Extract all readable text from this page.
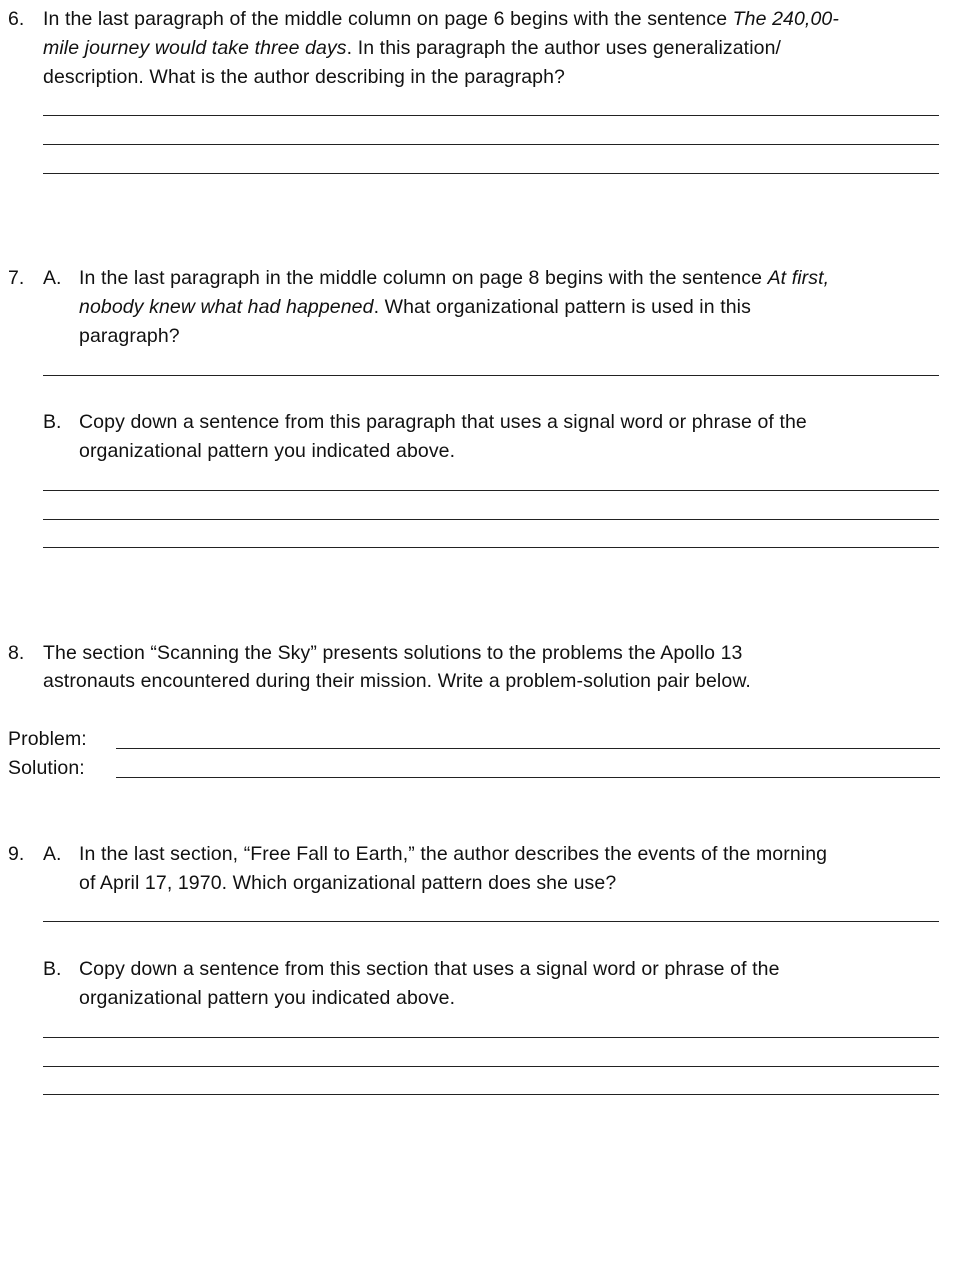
6. In the last paragraph of the middle column on page 6 begins with the sentence The 240,00-
mile journey would take three days. In this paragraph the author uses generalization/
description. What is the author describing in the paragraph?
7. A. In the last paragraph in the middle column on page 8 begins with the sentence At first,
nobody knew what had happened. What organizational pattern is used in this
paragraph?
B. Copy down a sentence from this paragraph that uses a signal word or phrase of the
organizational pattern you indicated above.
8. The section “Scanning the Sky” presents solutions to the problems the Apollo 13
astronauts encountered during their mission. Write a problem-solution pair below.
Problem:
Solution:
9. A. In the last section, “Free Fall to Earth,” the author describes the events of the morning
of April 17, 1970. Which organizational pattern does she use?
B. Copy down a sentence from this section that uses a signal word or phrase of the
organizational pattern you indicated above.
